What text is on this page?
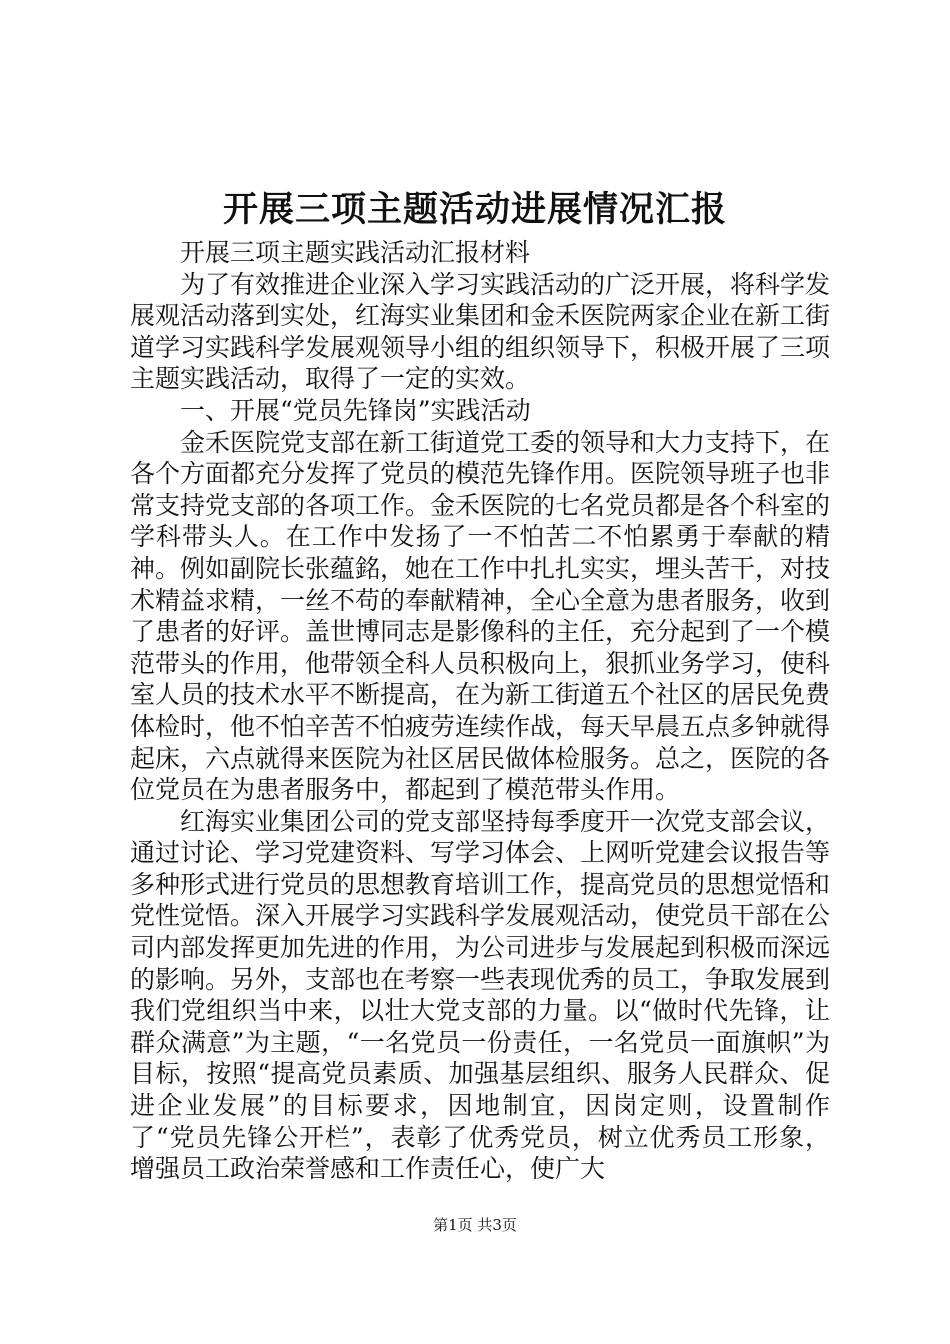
开展三项主题活动进展情况汇报

开展三项主题实践活动汇报材料

为了有效推进企业深入学习实践活动的广泛开展，将科学发展观活动落到实处，红海实业集团和金禾医院两家企业在新工街道学习实践科学发展观领导小组的组织领导下，积极开展了三项主题实践活动，取得了一定的实效。

一、开展“党员先锋岗”实践活动

金禾医院党支部在新工街道党工委的领导和大力支持下，在各个方面都充分发挥了党员的模范先锋作用。医院领导班子也非常支持党支部的各项工作。金禾医院的七名党员都是各个科室的学科带头人。在工作中发扬了一不怕苦二不怕累勇于奉献的精神。例如副院长张蕴銘，她在工作中扎扎实实，埋头苦干，对技术精益求精，一丝不苟的奉献精神，全心全意为患者服务，收到了患者的好评。盖世博同志是影像科的主任，充分起到了一个模范带头的作用，他带领全科人员积极向上，狠抓业务学习，使科室人员的技术水平不断提高，在为新工街道五个社区的居民免费体检时，他不怕辛苦不怕疲劳连续作战，每天早晨五点多钟就得起床，六点就得来医院为社区居民做体检服务。总之，医院的各位党员在为患者服务中，都起到了模范带头作用。

红海实业集团公司的党支部坚持每季度开一次党支部会议，通过讨论、学习党建资料、写学习体会、上网听党建会议报告等多种形式进行党员的思想教育培训工作，提高党员的思想觉悟和党性觉悟。深入开展学习实践科学发展观活动，使党员干部在公司内部发挥更加先进的作用，为公司进步与发展起到积极而深远的影响。另外，支部也在考察一些表现优秀的员工，争取发展到我们党组织当中来，以壮大党支部的力量。以“做时代先锋，让群众满意”为主题，“一名党员一份责任，一名党员一面旗帜”为目标，按照“提高党员素质、加强基层组织、服务人民群众、促进企业发展”的目标要求，因地制宜，因岗定则，设置制作了“党员先锋公开栏”，表彰了优秀党员，树立优秀员工形象，增强员工政治荣誉感和工作责任心，使广大

第1页 共3页
